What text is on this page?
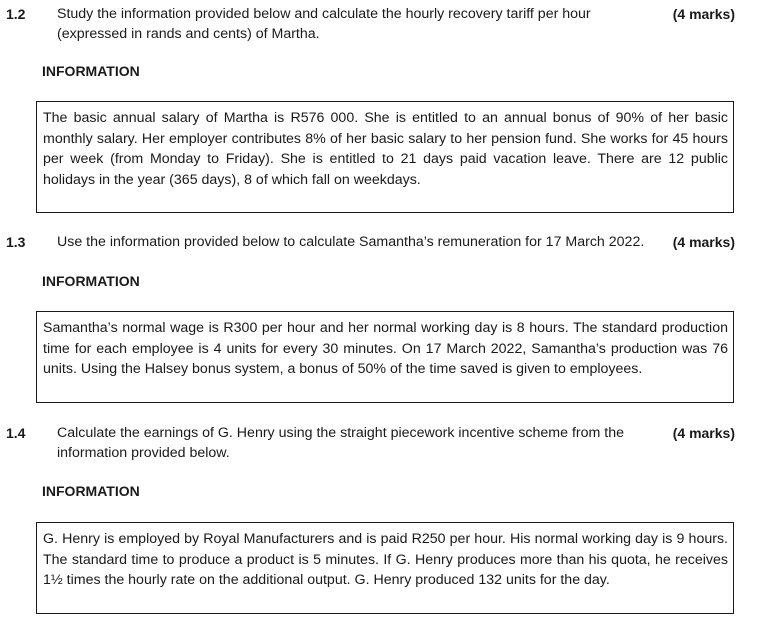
1.2 Study the information provided below and calculate the hourly recovery tariff per hour (expressed in rands and cents) of Martha.
(4 marks)
INFORMATION
The basic annual salary of Martha is R576 000. She is entitled to an annual bonus of 90% of her basic monthly salary. Her employer contributes 8% of her basic salary to her pension fund. She works for 45 hours per week (from Monday to Friday). She is entitled to 21 days paid vacation leave. There are 12 public holidays in the year (365 days), 8 of which fall on weekdays.
1.3 Use the information provided below to calculate Samantha’s remuneration for 17 March 2022.	(4 marks)
INFORMATION
Samantha’s normal wage is R300 per hour and her normal working day is 8 hours. The standard production time for each employee is 4 units for every 30 minutes. On 17 March 2022, Samantha’s production was 76 units. Using the Halsey bonus system, a bonus of 50% of the time saved is given to employees.
1.4 Calculate the earnings of G. Henry using the straight piecework incentive scheme from the information provided below.
(4 marks)
INFORMATION
G. Henry is employed by Royal Manufacturers and is paid R250 per hour. His normal working day is 9 hours. The standard time to produce a product is 5 minutes. If G. Henry produces more than his quota, he receives 1½ times the hourly rate on the additional output. G. Henry produced 132 units for the day.
